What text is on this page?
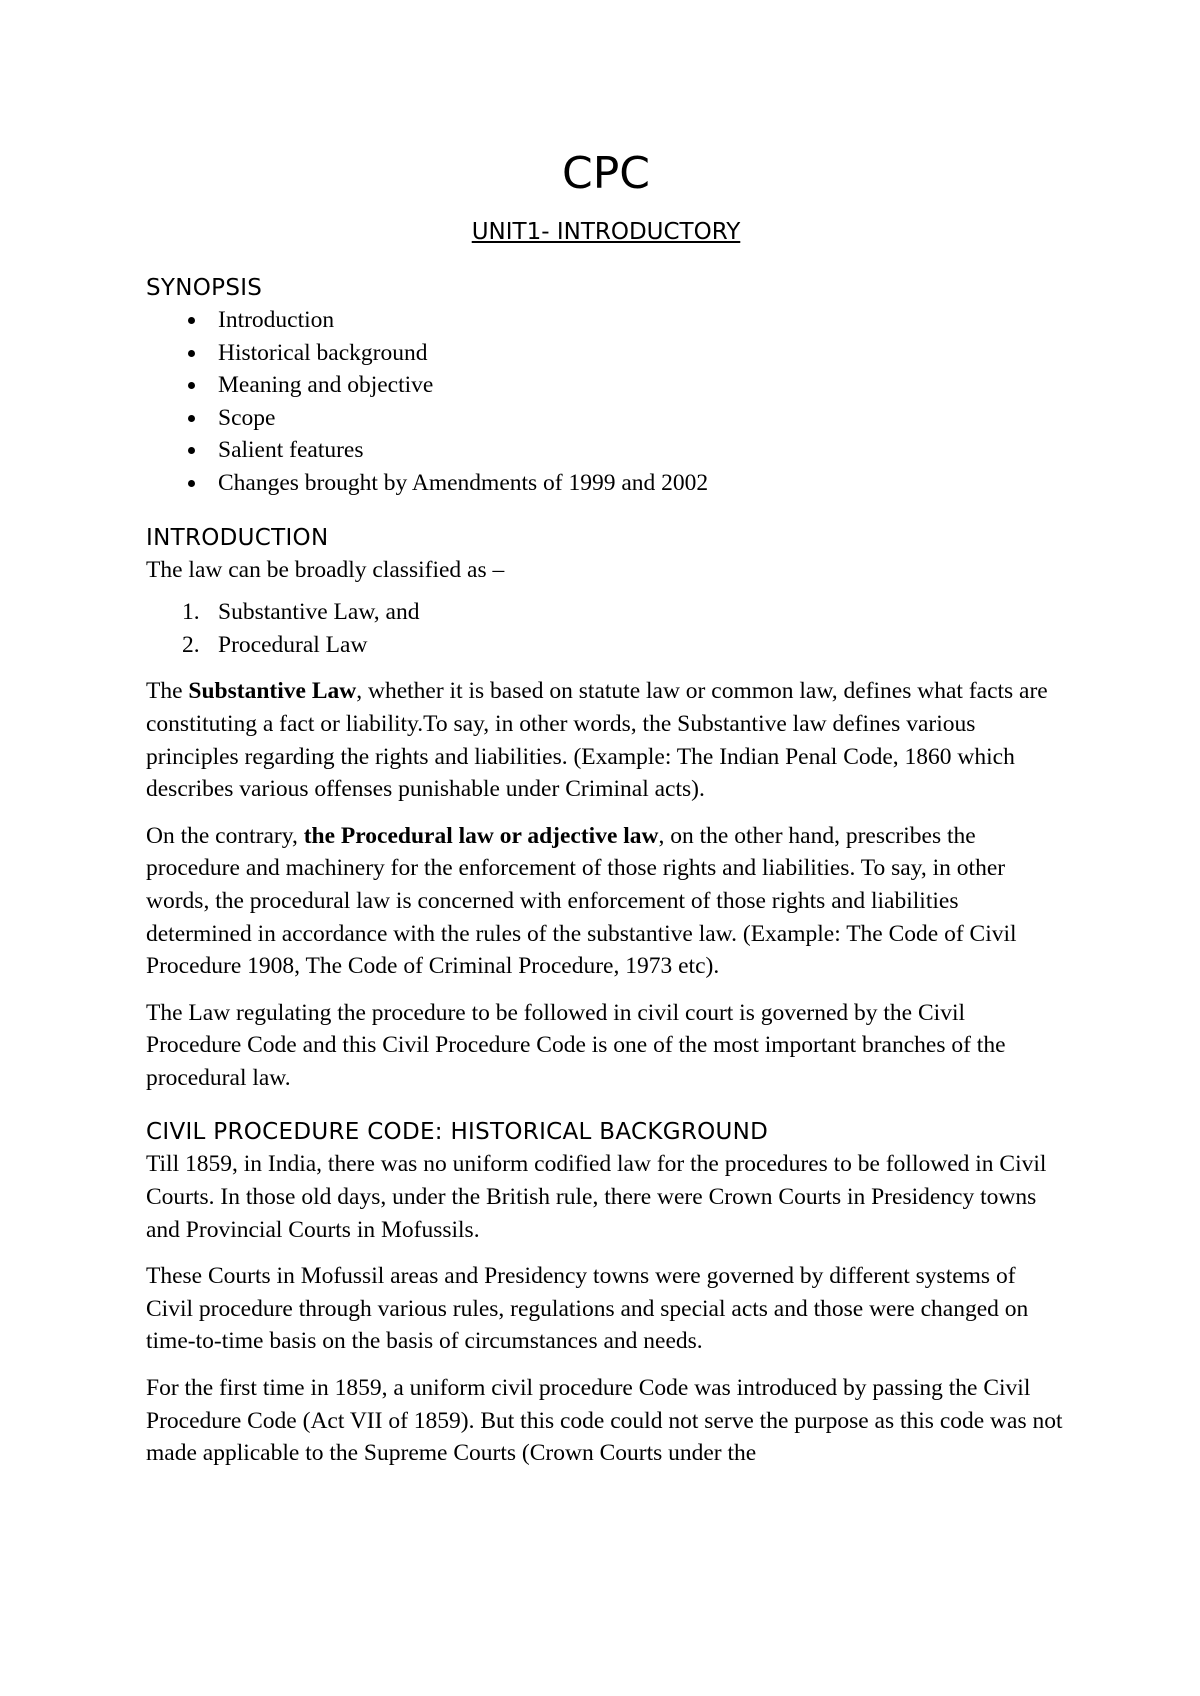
CPC
UNIT1- INTRODUCTORY
SYNOPSIS
Introduction
Historical background
Meaning and objective
Scope
Salient features
Changes brought by Amendments of 1999 and 2002
INTRODUCTION

The law can be broadly classified as –

1. Substantive Law, and
2. Procedural Law

The Substantive Law, whether it is based on statute law or common law, defines what facts are constituting a fact or liability.To say, in other words, the Substantive law defines various principles regarding the rights and liabilities. (Example: The Indian Penal Code, 1860 which describes various offenses punishable under Criminal acts).

On the contrary, the Procedural law or adjective law, on the other hand, prescribes the procedure and machinery for the enforcement of those rights and liabilities. To say, in other words, the procedural law is concerned with enforcement of those rights and liabilities determined in accordance with the rules of the substantive law. (Example: The Code of Civil Procedure 1908, The Code of Criminal Procedure, 1973 etc).

The Law regulating the procedure to be followed in civil court is governed by the Civil Procedure Code and this Civil Procedure Code is one of the most important branches of the procedural law.

CIVIL PROCEDURE CODE: HISTORICAL BACKGROUND

Till 1859, in India, there was no uniform codified law for the procedures to be followed in Civil Courts. In those old days, under the British rule, there were Crown Courts in Presidency towns and Provincial Courts in Mofussils.

These Courts in Mofussil areas and Presidency towns were governed by different systems of Civil procedure through various rules, regulations and special acts and those were changed on time-to-time basis on the basis of circumstances and needs.

For the first time in 1859, a uniform civil procedure Code was introduced by passing the Civil Procedure Code (Act VII of 1859). But this code could not serve the purpose as this code was not made applicable to the Supreme Courts (Crown Courts under the
